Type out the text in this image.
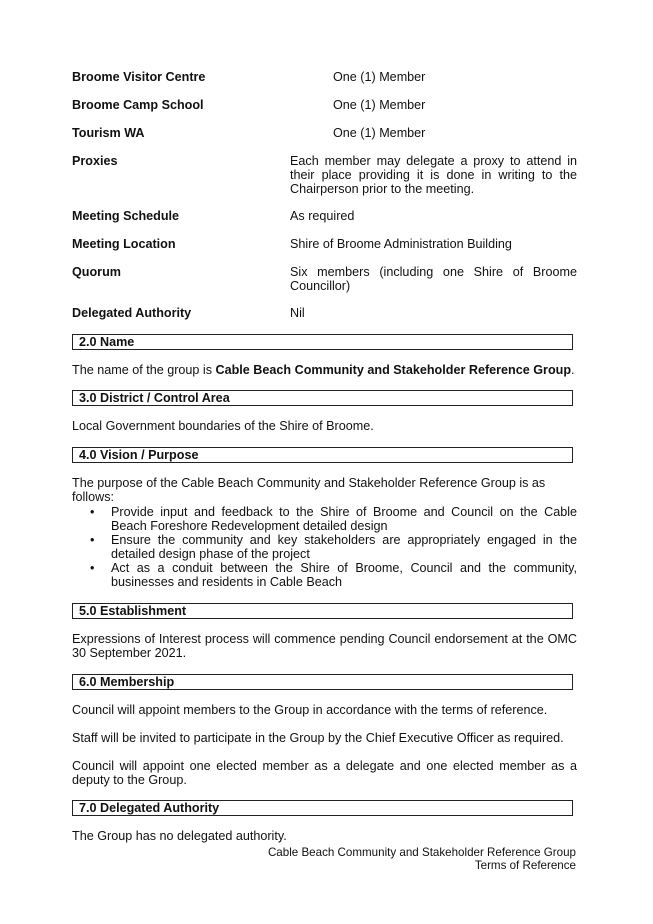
Broome Visitor Centre	One (1) Member
Broome Camp School	One (1) Member
Tourism WA	One (1) Member
Proxies	Each member may delegate a proxy to attend in their place providing it is done in writing to the Chairperson prior to the meeting.
Meeting Schedule	As required
Meeting Location	Shire of Broome Administration Building
Quorum	Six members (including one Shire of Broome Councillor)
Delegated Authority	Nil
2.0 Name

The name of the group is Cable Beach Community and Stakeholder Reference Group.

3.0 District / Control Area

Local Government boundaries of the Shire of Broome.

4.0 Vision / Purpose

The purpose of the Cable Beach Community and Stakeholder Reference Group is as follows:

• Provide input and feedback to the Shire of Broome and Council on the Cable Beach Foreshore Redevelopment detailed design
• Ensure the community and key stakeholders are appropriately engaged in the detailed design phase of the project
• Act as a conduit between the Shire of Broome, Council and the community, businesses and residents in Cable Beach
5.0 Establishment

Expressions of Interest process will commence pending Council endorsement at the OMC 30 September 2021.

6.0 Membership

Council will appoint members to the Group in accordance with the terms of reference.

Staff will be invited to participate in the Group by the Chief Executive Officer as required.

Council will appoint one elected member as a delegate and one elected member as a deputy to the Group.

7.0 Delegated Authority

The Group has no delegated authority.

Cable Beach Community and Stakeholder Reference Group
Terms of Reference
